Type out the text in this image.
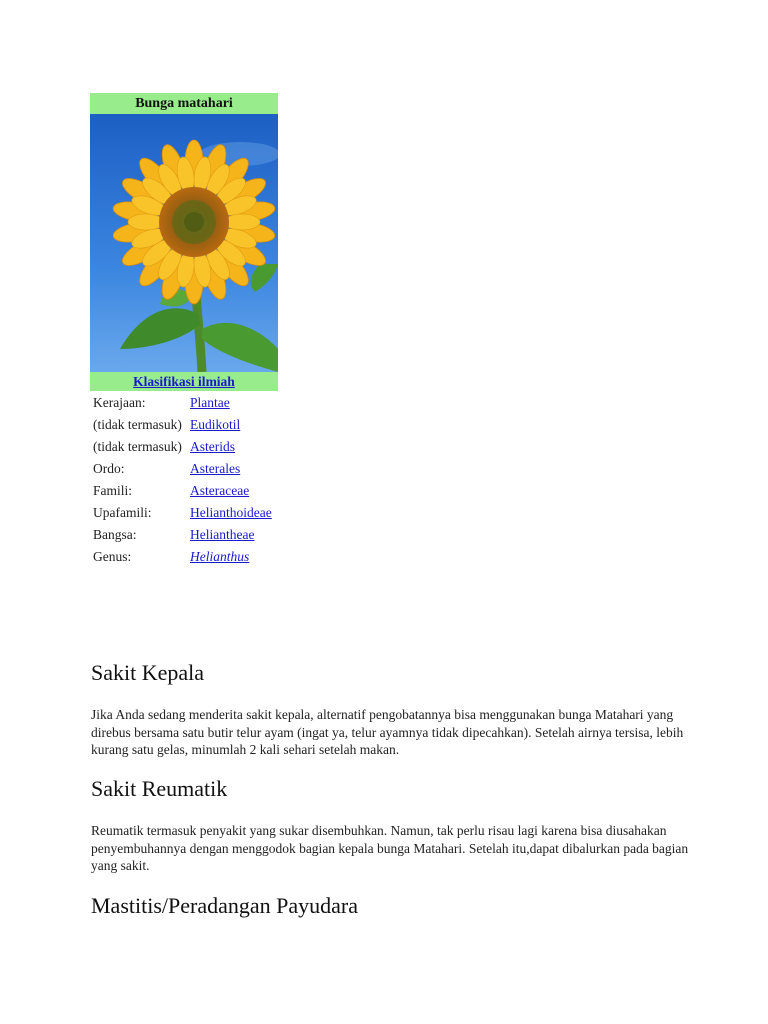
Bunga matahari
Klasifikasi ilmiah
Kerajaan:	Plantae
(tidak termasuk)	Eudikotil
(tidak termasuk)	Asterids
Ordo:	Asterales
Famili:	Asteraceae
Upafamili:	Helianthoideae
Bangsa:	Heliantheae
Genus:	Helianthus
Sakit Kepala

Jika Anda sedang menderita sakit kepala, alternatif pengobatannya bisa menggunakan bunga Matahari yang direbus bersama satu butir telur ayam (ingat ya, telur ayamnya tidak dipecahkan). Setelah airnya tersisa, lebih kurang satu gelas, minumlah 2 kali sehari setelah makan.

Sakit Reumatik

Reumatik termasuk penyakit yang sukar disembuhkan. Namun, tak perlu risau lagi karena bisa diusahakan penyembuhannya dengan menggodok bagian kepala bunga Matahari. Setelah itu,dapat dibalurkan pada bagian yang sakit.

Mastitis/Peradangan Payudara
